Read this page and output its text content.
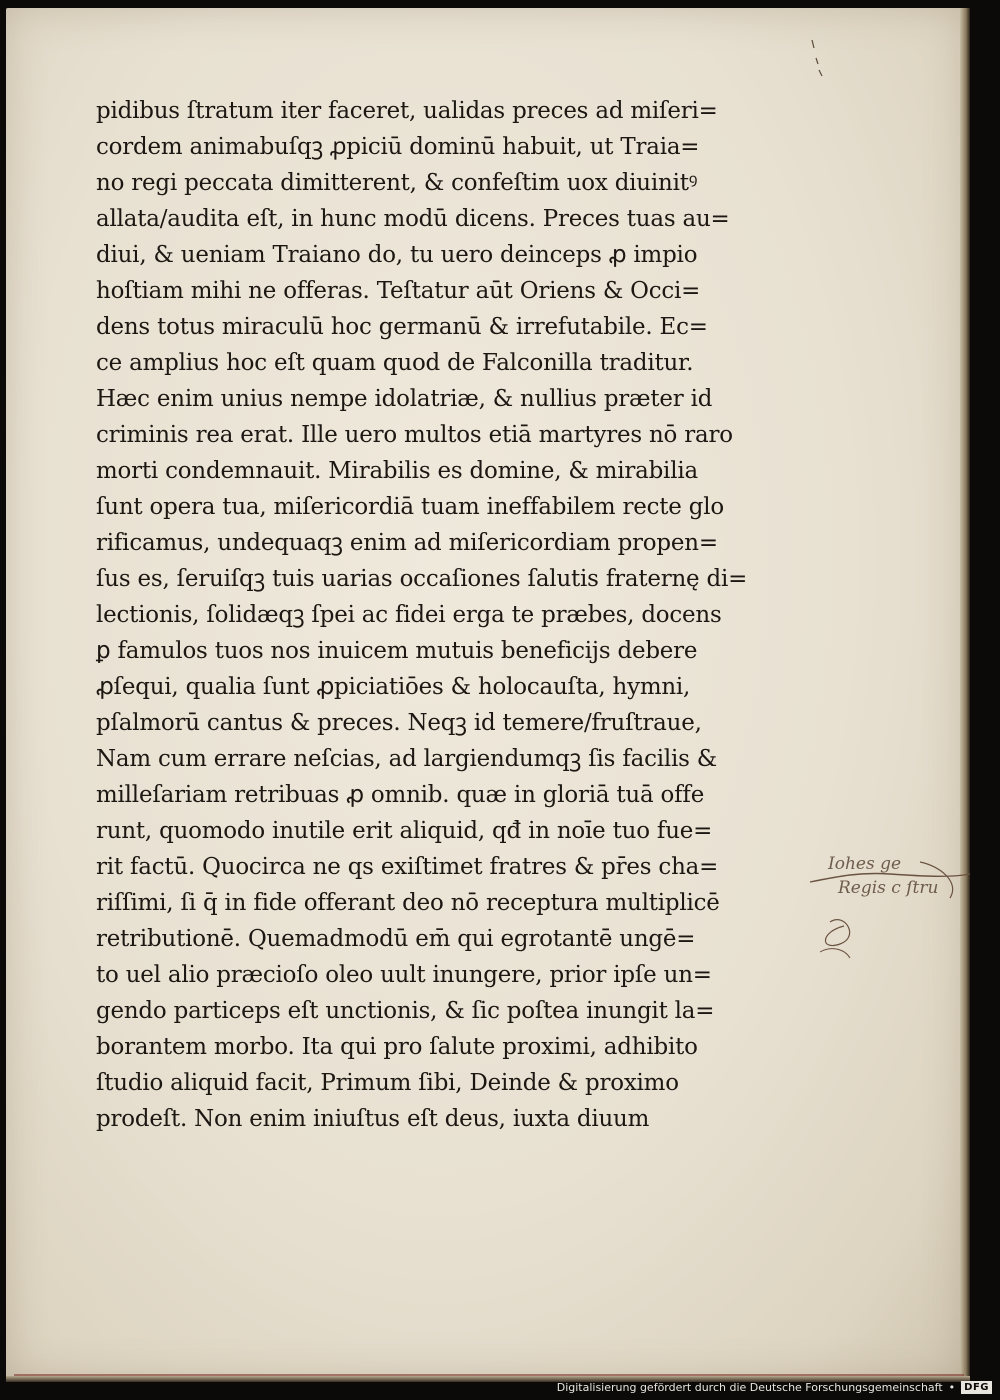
pidibus ſtratum iter faceret, ualidas preces ad miſeri=
cordem animabuſqꝫ ꝓpiciū dominū habuit, ut Traia=
no regi peccata dimitterent, & confeſtim uox diuinitꝰ
allata/audita eſt, in hunc modū dicens. Preces tuas au=
diui, & ueniam Traiano do, tu uero deinceps ꝓ impio
hoſtiam mihi ne offeras. Teſtatur aūt Oriens & Occi=
dens totus miraculū hoc germanū & irrefutabile. Ec=
ce amplius hoc eſt quam quod de Falconilla traditur.
Hæc enim unius nempe idolatriæ, & nullius præter id
criminis rea erat. Ille uero multos etiā martyres nō raro
morti condemnauit. Mirabilis es domine, & mirabilia
ſunt opera tua, miſericordiā tuam ineffabilem recte glo
rificamus, undequaqꝫ enim ad miſericordiam propen=
ſus es, ſeruiſqꝫ tuis uarias occaſiones ſalutis fraternę di=
lectionis, ſolidæqꝫ ſpei ac fidei erga te præbes, docens
ꝑ famulos tuos nos inuicem mutuis beneficijs debere
ꝓſequi, qualia ſunt ꝓpiciatiōes & holocauſta, hymni,
pſalmorū cantus & preces. Neqꝫ id temere/fruſtraue,
Nam cum errare neſcias, ad largiendumqꝫ ſis facilis &
milleſariam retribuas ꝓ omnib. quæ in gloriā tuā offe
runt, quomodo inutile erit aliquid, qđ in noīe tuo fue=
rit factū. Quocirca ne qs exiſtimet fratres & pr̄es cha=
riſſimi, ſi q̄ in fide offerant deo nō receptura multiplicē
retributionē. Quemadmodū em̄ qui egrotantē ungē=
to uel alio præcioſo oleo uult inungere, prior ipſe un=
gendo particeps eſt unctionis, & ſic poſtea inungit la=
borantem morbo. Ita qui pro ſalute proximi, adhibito
ſtudio aliquid facit, Primum ſibi, Deinde & proximo
prodeſt. Non enim iniuſtus eſt deus, iuxta diuum
Iohes ge
Regis c ſtru
Digitalisierung gefördert durch die Deutsche Forschungsgemeinschaft • DFG
